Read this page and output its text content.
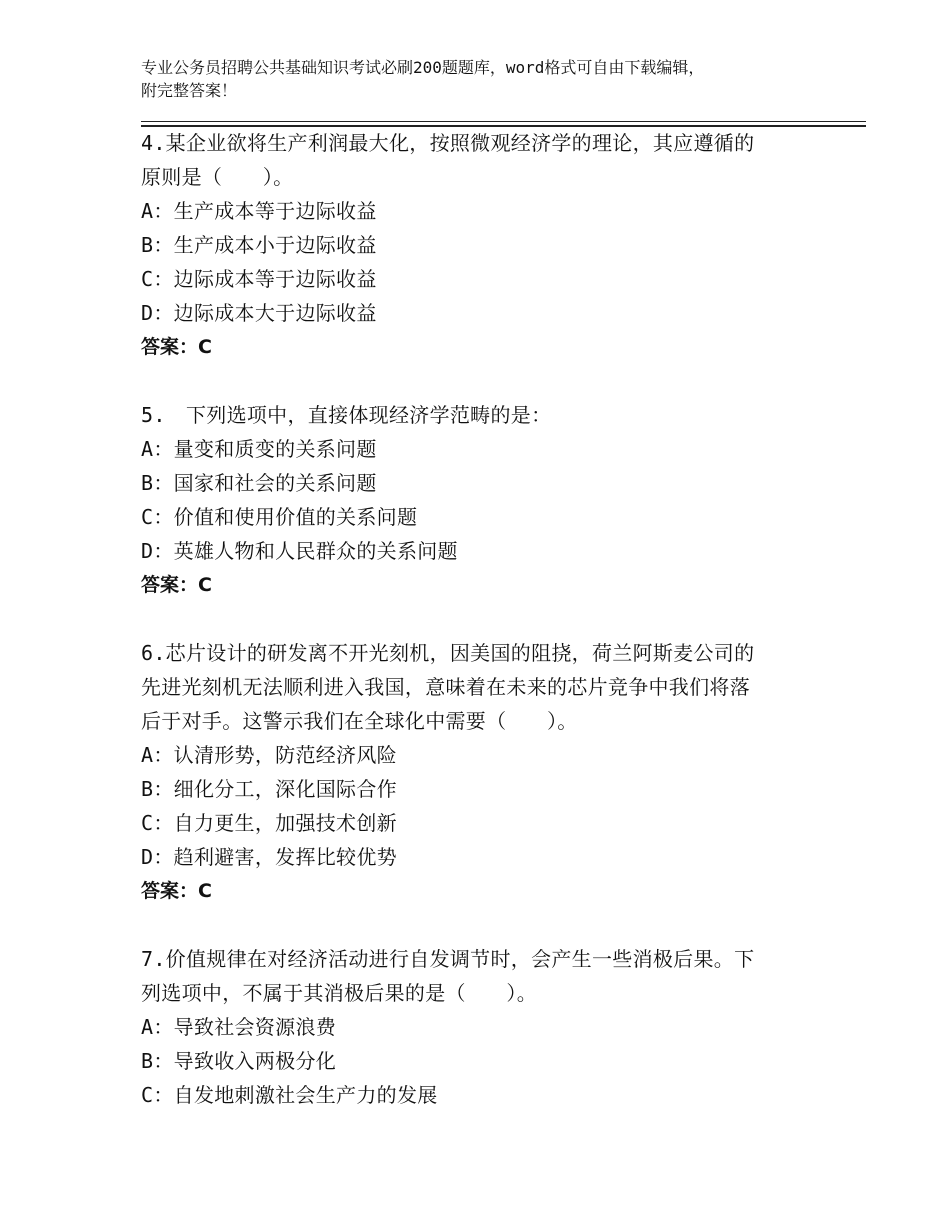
专业公务员招聘公共基础知识考试必刷200题题库，word格式可自由下载编辑，
附完整答案！
4.某企业欲将生产利润最大化，按照微观经济学的理论，其应遵循的
原则是（　　）。
A：生产成本等于边际收益
B：生产成本小于边际收益
C：边际成本等于边际收益
D：边际成本大于边际收益
答案：C
5.　下列选项中，直接体现经济学范畴的是：
A：量变和质变的关系问题
B：国家和社会的关系问题
C：价值和使用价值的关系问题
D：英雄人物和人民群众的关系问题
答案：C
6.芯片设计的研发离不开光刻机，因美国的阻挠，荷兰阿斯麦公司的
先进光刻机无法顺利进入我国，意味着在未来的芯片竞争中我们将落
后于对手。这警示我们在全球化中需要（　　）。
A：认清形势，防范经济风险
B：细化分工，深化国际合作
C：自力更生，加强技术创新
D：趋利避害，发挥比较优势
答案：C
7.价值规律在对经济活动进行自发调节时，会产生一些消极后果。下
列选项中，不属于其消极后果的是（　　）。
A：导致社会资源浪费
B：导致收入两极分化
C：自发地刺激社会生产力的发展
